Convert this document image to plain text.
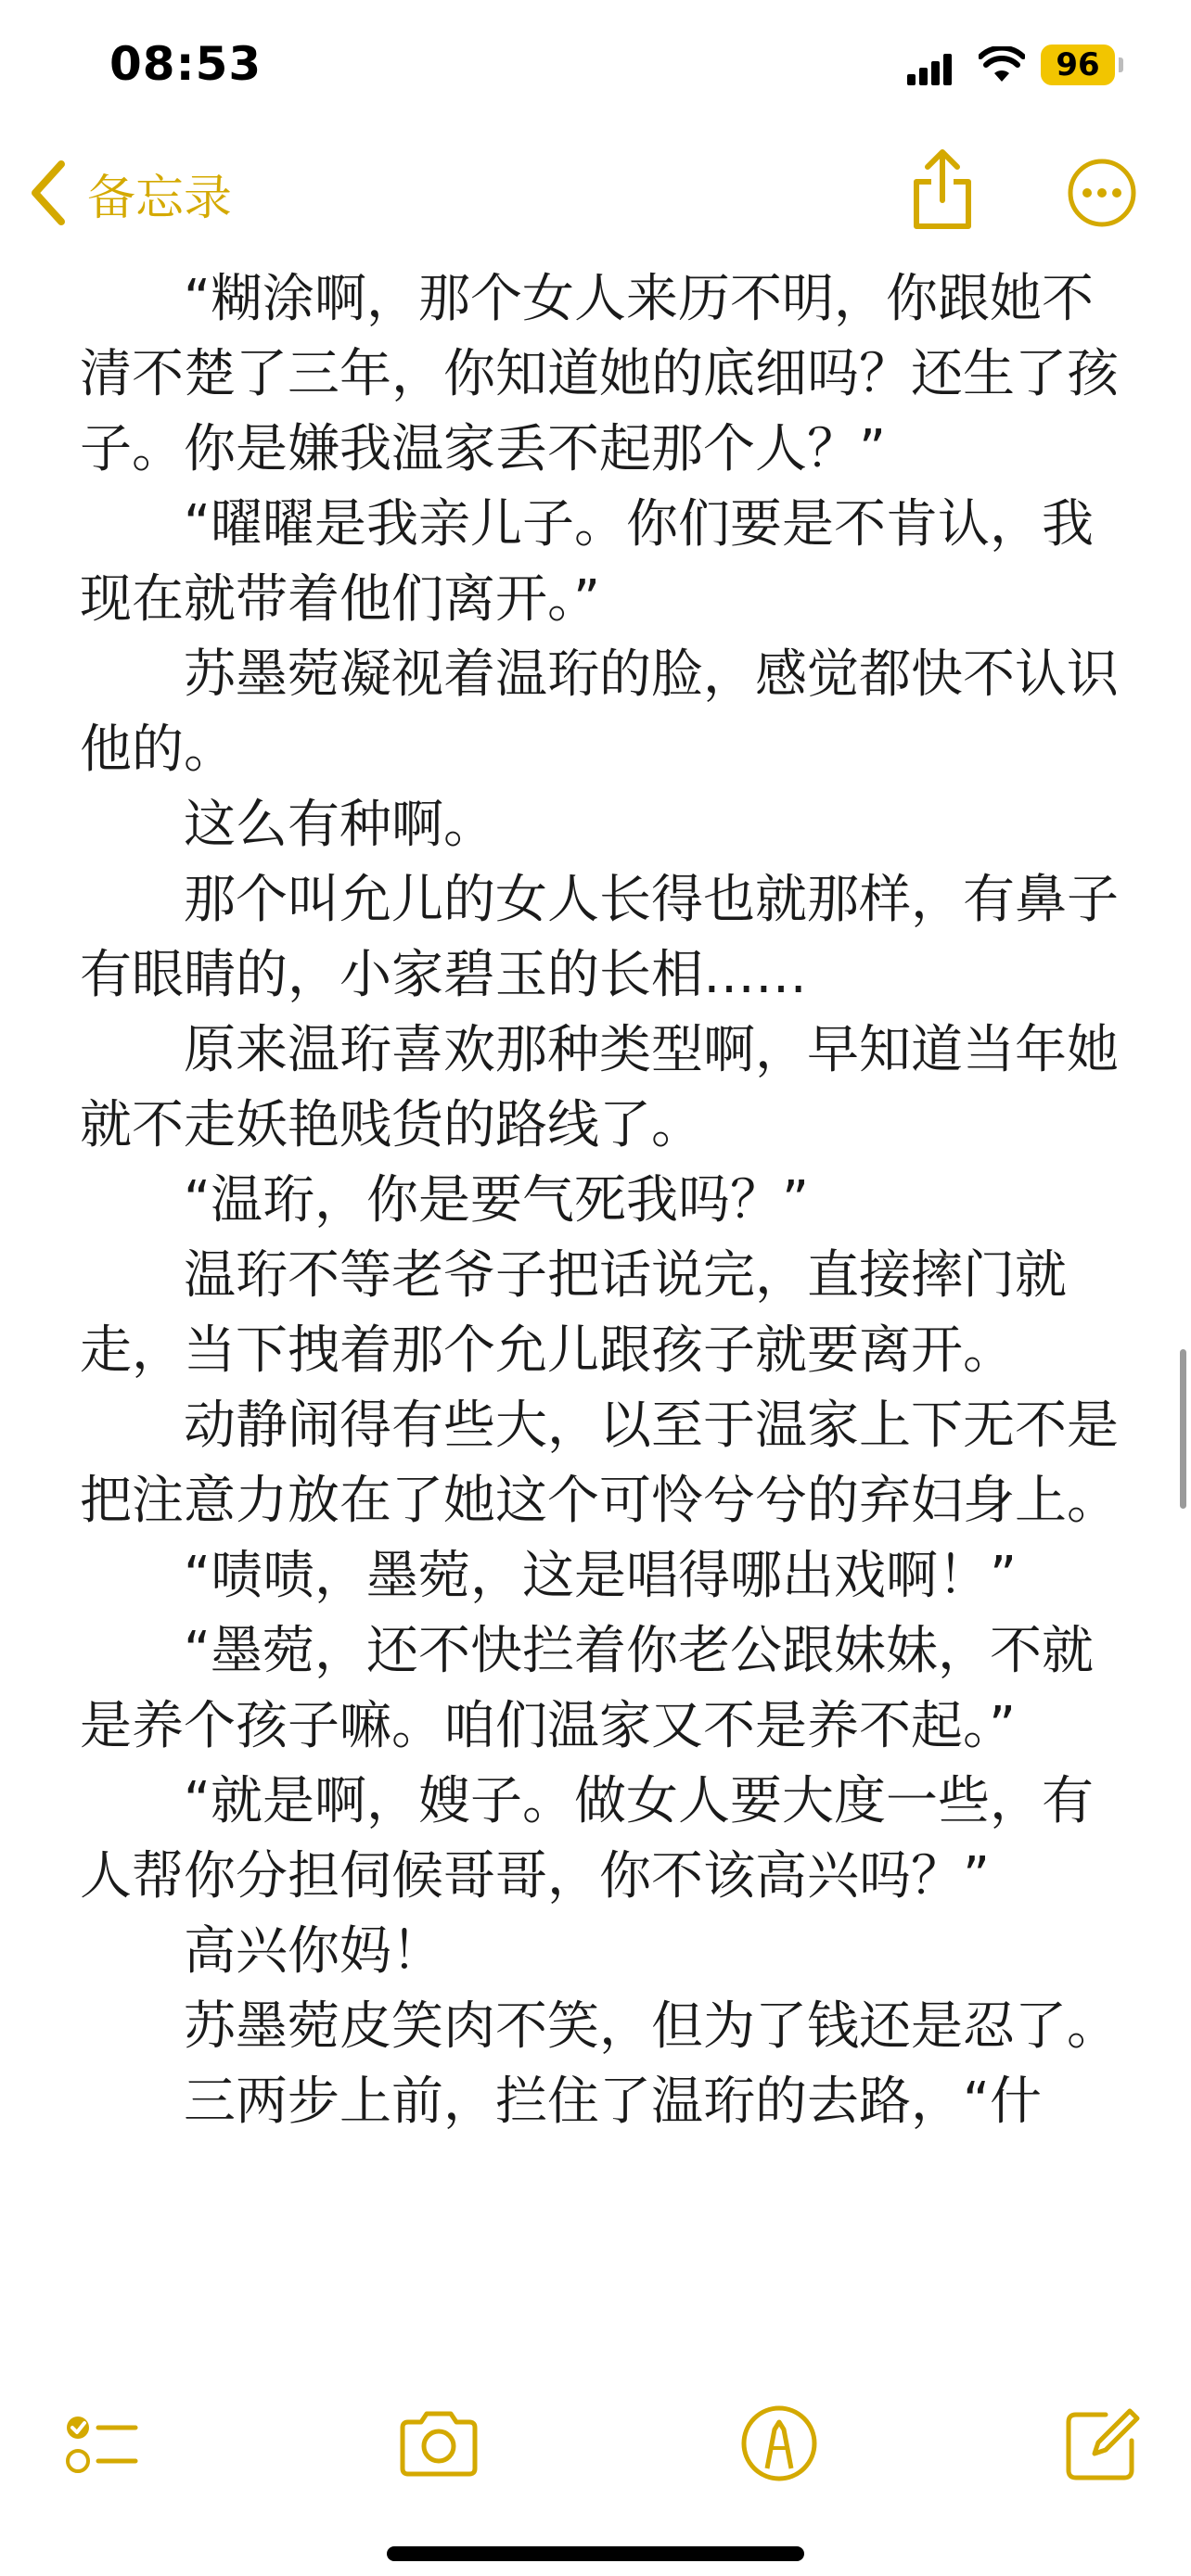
08:53	96
备忘录

“糊涂啊，那个女人来历不明，你跟她不清不楚了三年，你知道她的底细吗？还生了孩子。你是嫌我温家丢不起那个人？”

“曜曜是我亲儿子。你们要是不肯认，我现在就带着他们离开。”

苏墨菀凝视着温珩的脸，感觉都快不认识他的。

这么有种啊。

那个叫允儿的女人长得也就那样，有鼻子有眼睛的，小家碧玉的长相……

原来温珩喜欢那种类型啊，早知道当年她就不走妖艳贱货的路线了。

“温珩，你是要气死我吗？”

温珩不等老爷子把话说完，直接摔门就走，当下拽着那个允儿跟孩子就要离开。

动静闹得有些大，以至于温家上下无不是把注意力放在了她这个可怜兮兮的弃妇身上。

“啧啧，墨菀，这是唱得哪出戏啊！”

“墨菀，还不快拦着你老公跟妹妹，不就是养个孩子嘛。咱们温家又不是养不起。”

“就是啊，嫂子。做女人要大度一些，有人帮你分担伺候哥哥，你不该高兴吗？”

高兴你妈！

苏墨菀皮笑肉不笑，但为了钱还是忍了。

三两步上前，拦住了温珩的去路，“什
